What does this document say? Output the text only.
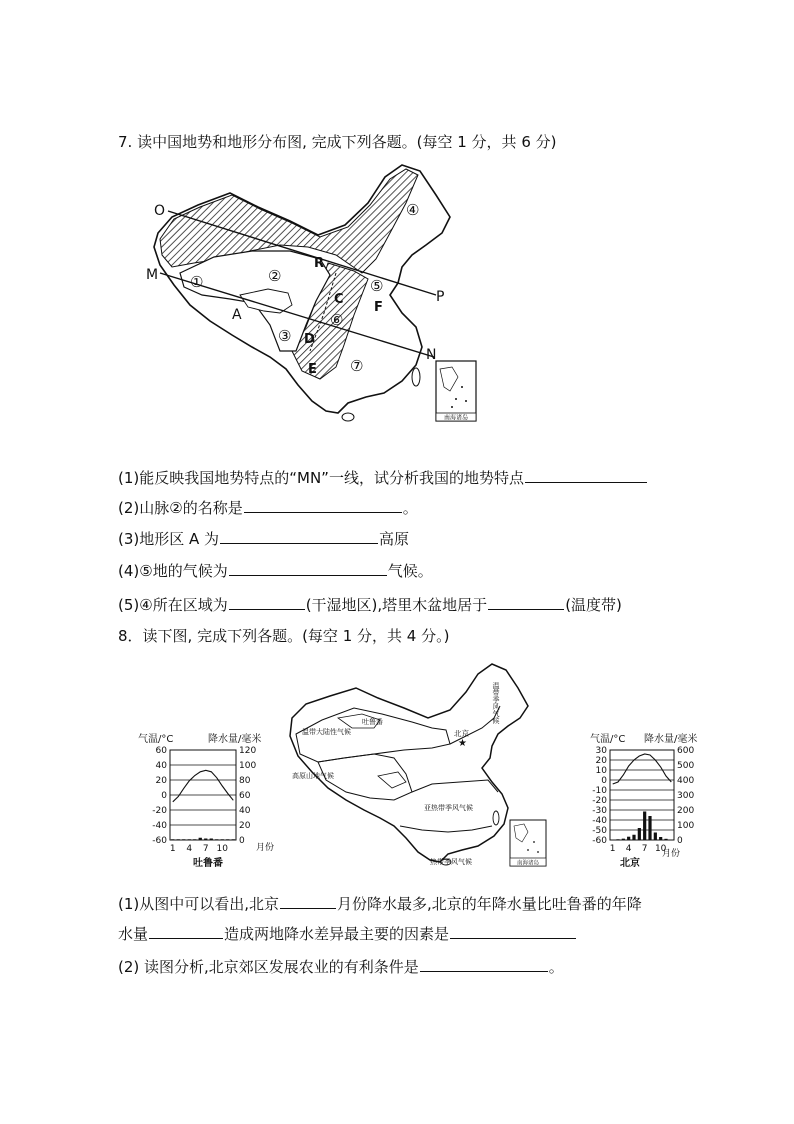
7. 读中国地势和地形分布图, 完成下列各题。(每空 1 分，共 6 分)
南海诸岛
O
M
P
N
R
A
C
F
D
E
①	②
③
④
⑤
⑥
⑦
(1)能反映我国地势特点的“MN”一线，试分析我国的地势特点
(2)山脉②的名称是	。
(3)地形区 A 为	高原
(4)⑤地的气候为	气候。
(5)④所在区域为	(干湿地区),塔里木盆地居于	(温度带)
8．读下图, 完成下列各题。(每空 1 分，共 4 分。)
★
南海诸岛
温带季风气候
温带大陆性气候
吐鲁番
北京
高原山地气候
亚热带季风气候
热带季风气候
气温/°C	降水量/毫米
60
40
20
0
-20
-40
-60
120
100
80
60
40
20
0
1 4 7 10	月份
吐鲁番
气温/°C 降水量/毫米
30
20
10
0
-10
-20
-30
-40
-50
-60
600
500
400
300
200
100
0
1 4 7 10
月份
北京
(1)从图中可以看出,北京	月份降水最多,北京的年降水量比吐鲁番的年降
水量	造成两地降水差异最主要的因素是
(2) 读图分析,北京郊区发展农业的有利条件是	。
